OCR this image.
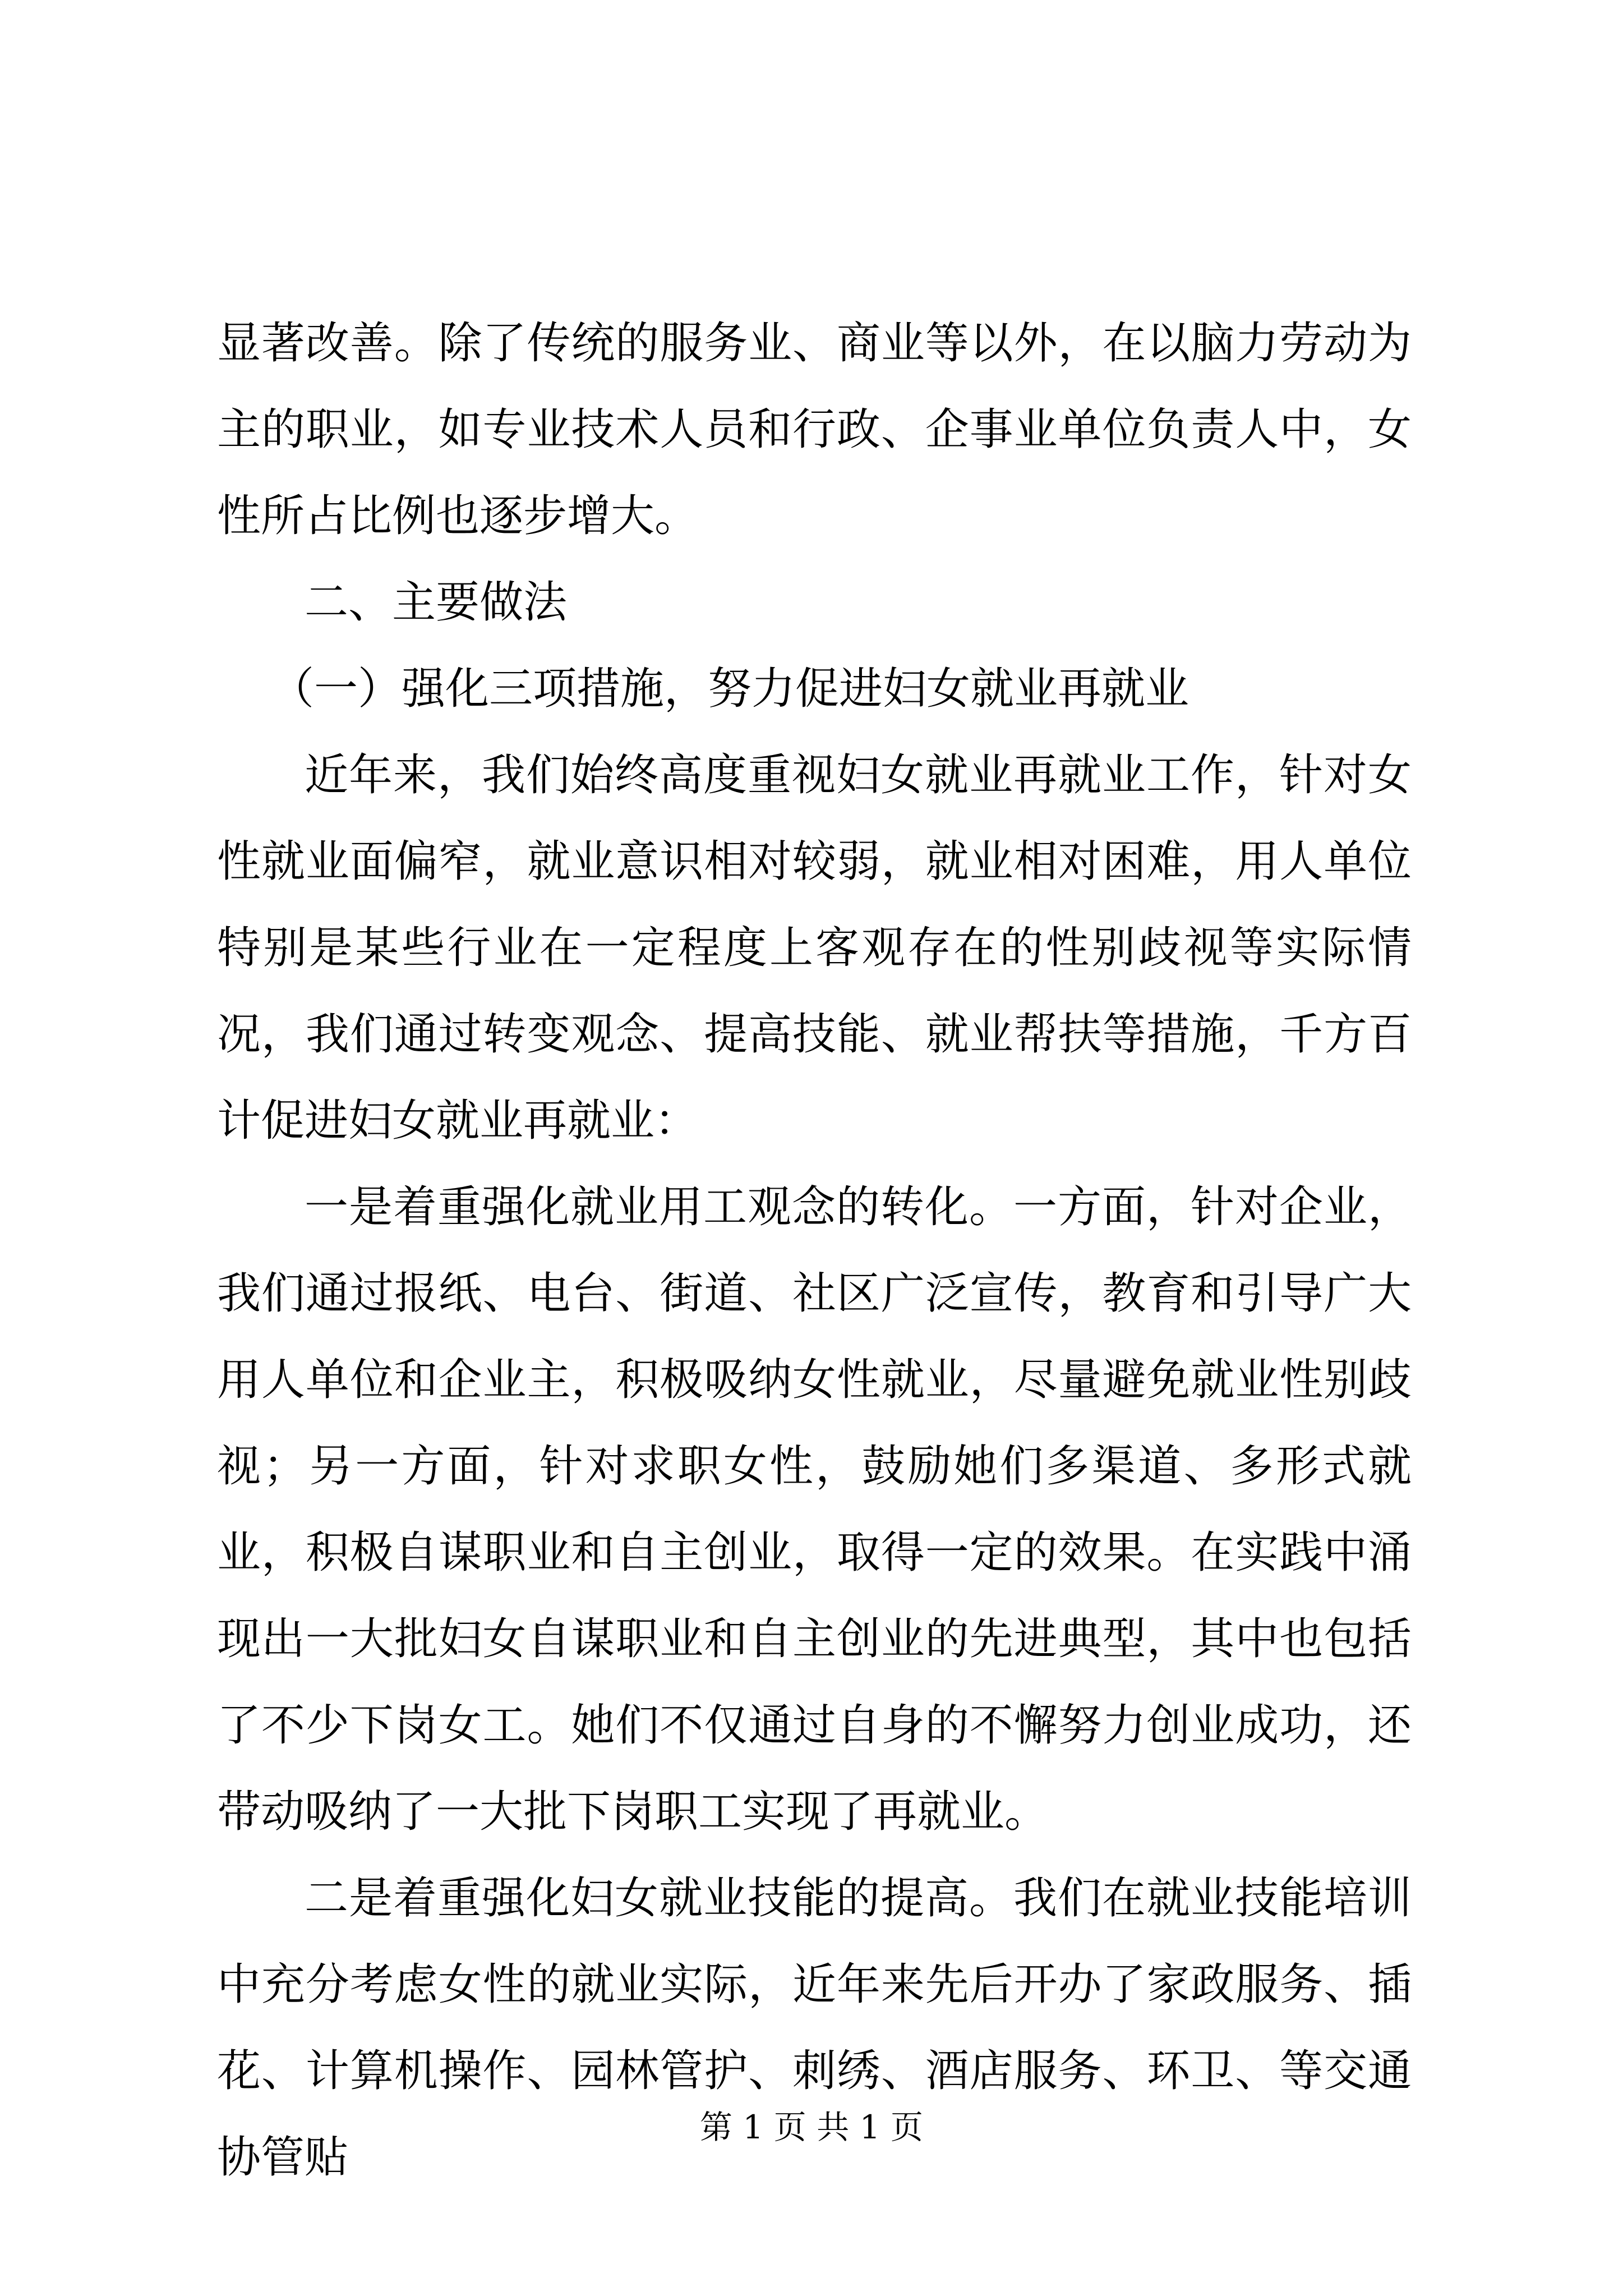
显著改善。除了传统的服务业、商业等以外，在以脑力劳动为主的职业，如专业技术人员和行政、企事业单位负责人中，女性所占比例也逐步增大。

二、主要做法

（一）强化三项措施，努力促进妇女就业再就业

近年来，我们始终高度重视妇女就业再就业工作，针对女性就业面偏窄，就业意识相对较弱，就业相对困难，用人单位特别是某些行业在一定程度上客观存在的性别歧视等实际情况，我们通过转变观念、提高技能、就业帮扶等措施，千方百计促进妇女就业再就业：

一是着重强化就业用工观念的转化。一方面，针对企业，我们通过报纸、电台、街道、社区广泛宣传，教育和引导广大用人单位和企业主，积极吸纳女性就业，尽量避免就业性别歧视；另一方面，针对求职女性，鼓励她们多渠道、多形式就业，积极自谋职业和自主创业，取得一定的效果。在实践中涌现出一大批妇女自谋职业和自主创业的先进典型，其中也包括了不少下岗女工。她们不仅通过自身的不懈努力创业成功，还带动吸纳了一大批下岗职工实现了再就业。

二是着重强化妇女就业技能的提高。我们在就业技能培训中充分考虑女性的就业实际，近年来先后开办了家政服务、插花、计算机操作、园林管护、刺绣、酒店服务、环卫、等交通协管贴

第 1 页 共 1 页
